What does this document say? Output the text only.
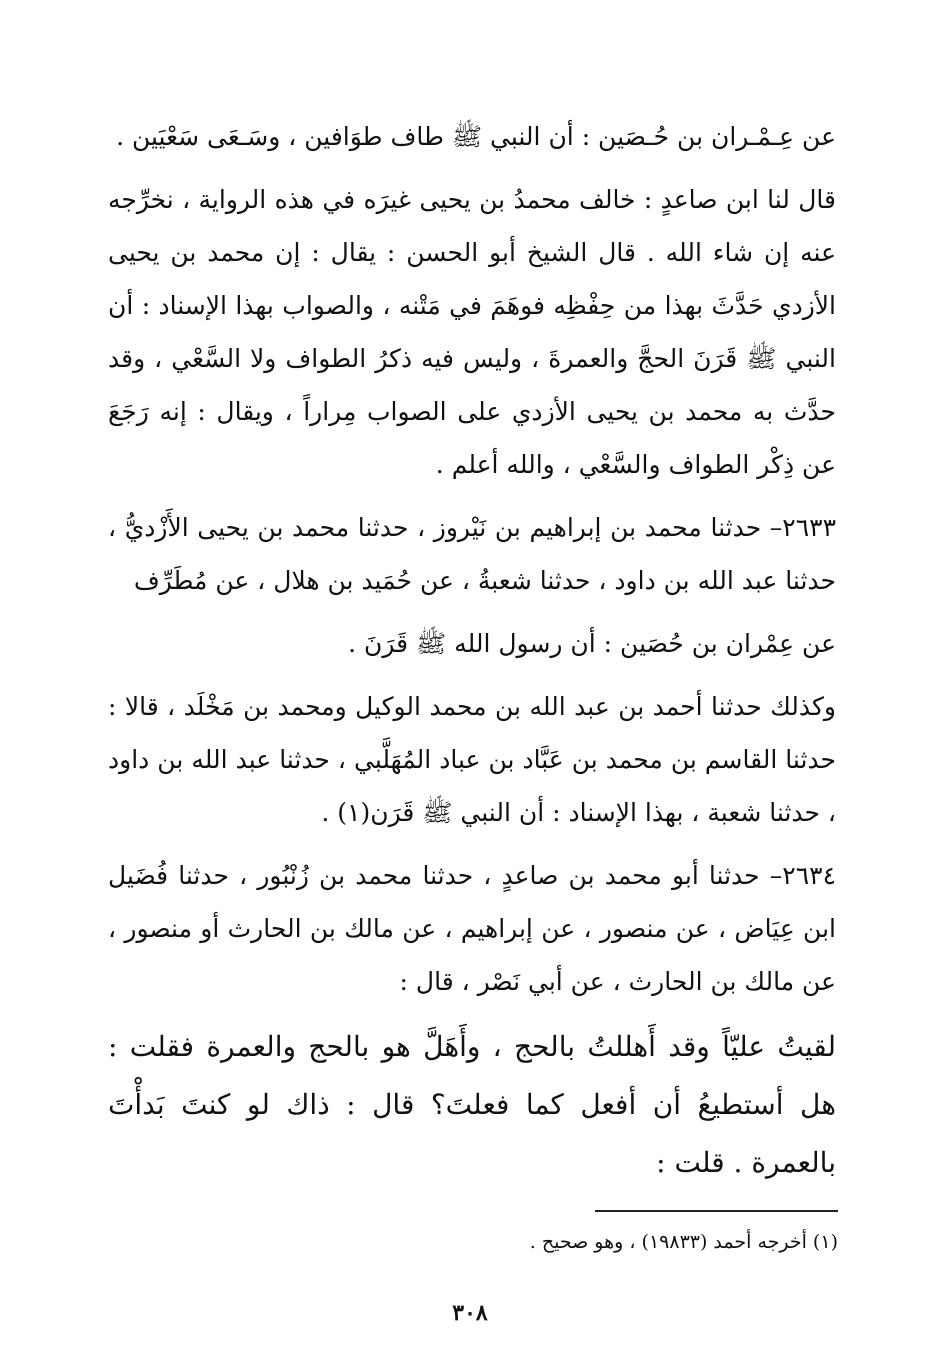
عن عِـمْـران بن حُـصَين : أن النبي ﷺ طاف طوَافين ، وسَـعَى سَعْيَين .

قال لنا ابن صاعدٍ : خالف محمدُ بن يحيى غيرَه في هذه الرواية ، نخرِّجه عنه إن شاء الله . قال الشيخ أبو الحسن : يقال : إن محمد بن يحيى الأزدي حَدَّثَ بهذا من حِفْظِه فوهَمَ في مَتْنه ، والصواب بهذا الإسناد : أن النبي ﷺ قَرَنَ الحجَّ والعمرةَ ، وليس فيه ذكرُ الطواف ولا السَّعْي ، وقد حدَّث به محمد بن يحيى الأزدي على الصواب مِراراً ، ويقال : إنه رَجَعَ عن ذِكْر الطواف والسَّعْي ، والله أعلم .

٢٦٣٣– حدثنا محمد بن إبراهيم بن نَيْروز ، حدثنا محمد بن يحيى الأَزْديُّ ، حدثنا عبد الله بن داود ، حدثنا شعبةُ ، عن حُمَيد بن هلال ، عن مُطَرِّف

عن عِمْران بن حُصَين : أن رسول الله ﷺ قَرَنَ .

وكذلك حدثنا أحمد بن عبد الله بن محمد الوكيل ومحمد بن مَخْلَد ، قالا : حدثنا القاسم بن محمد بن عَبَّاد بن عباد المُهَلَّبي ، حدثنا عبد الله بن داود ، حدثنا شعبة ، بهذا الإسناد : أن النبي ﷺ قَرَن(١) .

٢٦٣٤– حدثنا أبو محمد بن صاعدٍ ، حدثنا محمد بن زُنْبُور ، حدثنا فُضَيل ابن عِيَاض ، عن منصور ، عن إبراهيم ، عن مالك بن الحارث أو منصور ، عن مالك بن الحارث ، عن أبي نَصْر ، قال :

لقيتُ عليّاً وقد أَهللتُ بالحج ، وأَهَلَّ هو بالحج والعمرة فقلت : هل أستطيعُ أن أفعل كما فعلتَ؟ قال : ذاك لو كنتَ بَدأْتَ بالعمرة . قلت :

(١) أخرجه أحمد (١٩٨٣٣) ، وهو صحيح .
٣٠٨
